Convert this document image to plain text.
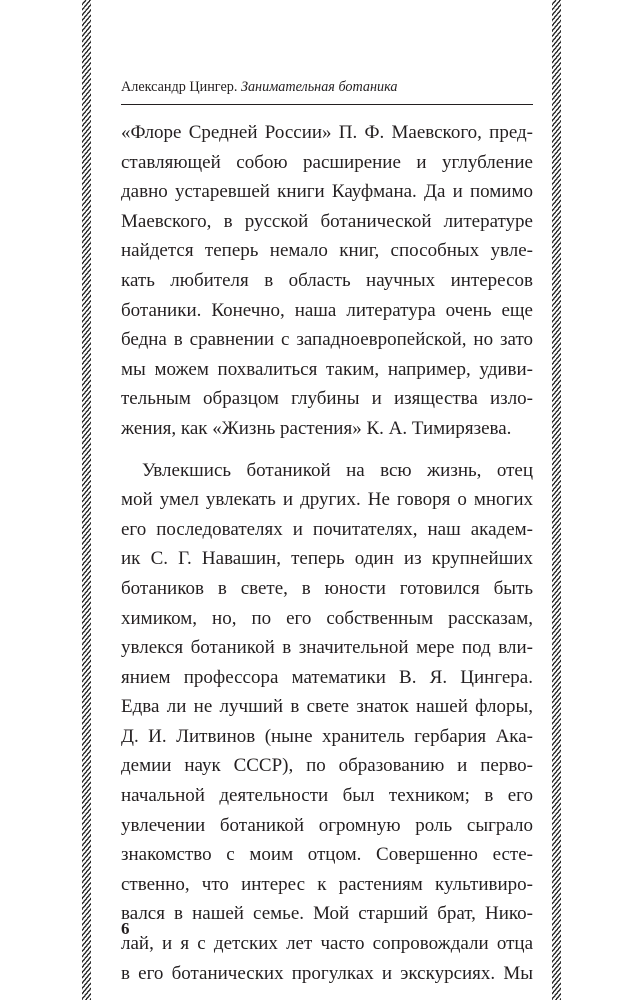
Александр Цингер. Занимательная ботаника
«Флоре Средней России» П. Ф. Маевского, пред-
ставляющей собою расширение и углубление
давно устаревшей книги Кауфмана. Да и помимо
Маевского, в русской ботанической литературе
найдется теперь немало книг, способных увле-
кать любителя в область научных интересов
ботаники. Конечно, наша литература очень еще
бедна в сравнении с западноевропейской, но зато
мы можем похвалиться таким, например, удиви-
тельным образцом глубины и изящества изло-
жения, как «Жизнь растения» К. А. Тимирязева.
Увлекшись ботаникой на всю жизнь, отец
мой умел увлекать и других. Не говоря о многих
его последователях и почитателях, наш академ-
ик С. Г. Навашин, теперь один из крупнейших
ботаников в свете, в юности готовился быть
химиком, но, по его собственным рассказам,
увлекся ботаникой в значительной мере под вли-
янием профессора математики В. Я. Цингера.
Едва ли не лучший в свете знаток нашей флоры,
Д. И. Литвинов (ныне хранитель гербария Ака-
демии наук СССР), по образованию и перво-
начальной деятельности был техником; в его
увлечении ботаникой огромную роль сыграло
знакомство с моим отцом. Совершенно есте-
ственно, что интерес к растениям культивиро-
вался в нашей семье. Мой старший брат, Нико-
лай, и я с детских лет часто сопровождали отца
в его ботанических прогулках и экскурсиях. Мы
6
